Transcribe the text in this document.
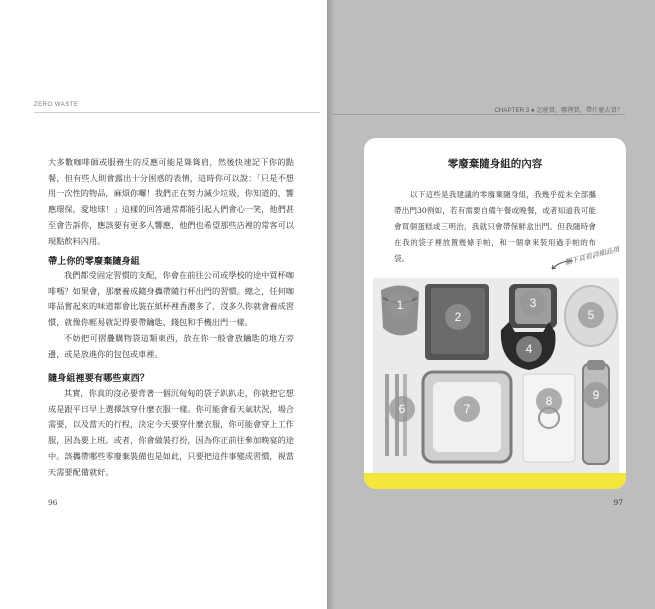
ZERO WASTE
大多數咖啡師或服務生的反應可能是聳聳肩，然後快速記下你的點餐，但有些人則會露出十分困惑的表情，這時你可以說：「只是不想用一次性的物品，麻煩你囉！我們正在努力減少垃圾，你知道的，響應環保，愛地球！」這樣的回答通常都能引起人們會心一笑，他們甚至會告訴你，應該要有更多人響應，他們也希望那些店裡的常客可以現點飲料內用。
帶上你的零廢棄隨身組
我們都受固定習慣的支配，你會在前往公司或學校的途中買杯咖啡嗎？如果會，那麼養成隨身攜帶隨行杯出門的習慣。總之，任何咖啡品嘗起來的味道都會比裝在紙杯裡香濃多了，沒多久你就會養成習慣，就像你輕易就記得要帶鑰匙、錢包和手機出門一樣。
不妨把可摺疊購物袋這類東西，放在你一般會放鑰匙的地方旁邊，或是放進你的包包或車裡。
隨身組裡要有哪些東西？
其實，你真的沒必要背著一個沉甸甸的袋子趴趴走，你就把它想成是跟平日早上選擇該穿什麼衣服一樣。你可能會看天氣狀況，場合需要，以及當天的行程，決定今天要穿什麼衣服，你可能會穿上工作服，因為要上班。或者，你會做裝打扮，因為你正前往參加晚宴的途中。該攜帶哪些零廢棄裝備也是如此，只要把這件事變成習慣，視當天需要配備就好。
96
CHAPTER 3 ● 怎麼買，哪裡買，帶什麼去買？
零廢棄隨身組的內容
以下這些是我建議的零廢棄隨身組，我幾乎從未全部攜帶出門30例如，若有需要自備午餐或晚餐，或者知道我可能會買個蛋糕或三明治，我就只會帶保鮮盒出門。但我隨時會在我的袋子裡放置幾條手帕，和一個拿來裝用過手帕的布袋。	翻下頁看詳細品項
1
2
3
4
5
6	7
8	9
97
